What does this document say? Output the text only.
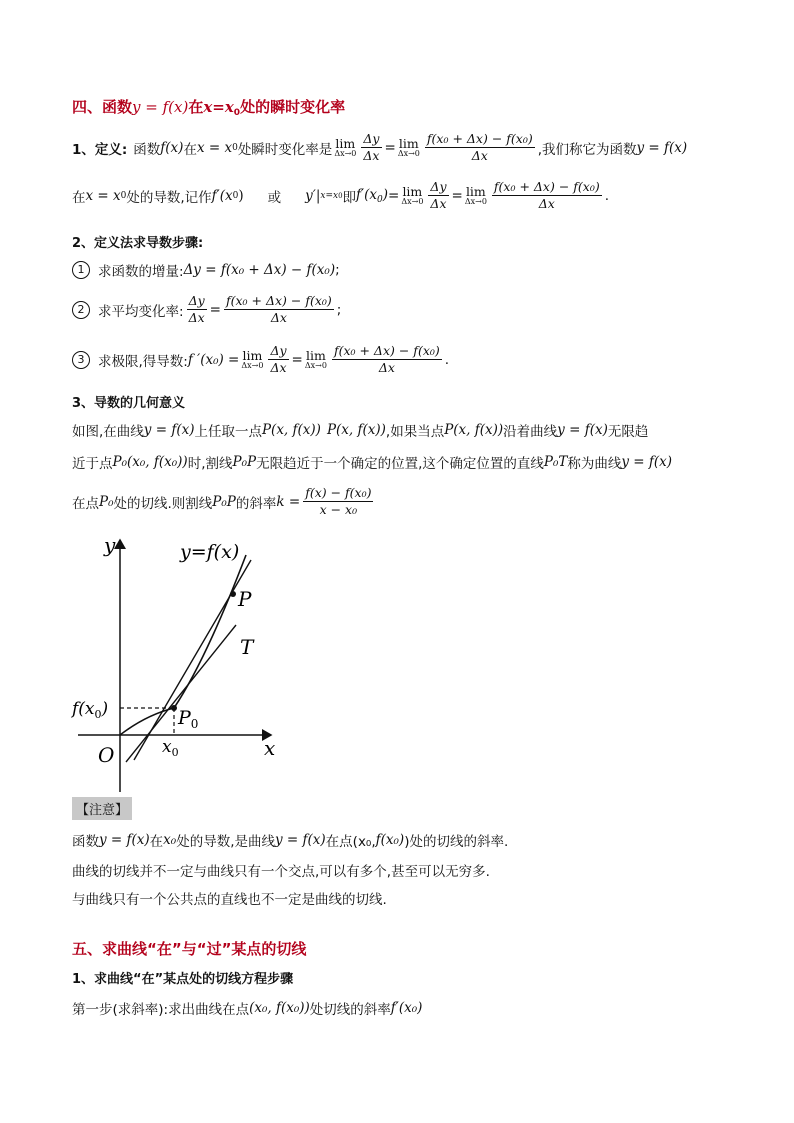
四、函数y = f(x)在$x=x_0$处的瞬时变化率
1、定义: 函数 f(x) 在 x = x 0 处瞬时变化率是 lim
$\Delta x\to 0 \frac{\Delta y}{\Delta x} = \lim$
$\Delta x\to 0 \frac{\text{f(x₀ + Δx) − f(x₀)}}{\Delta x}$ ,我们称它为函数 y = f(x)
在 x = x 0 处的导数,记作 f′(x 0 ) 或 y′| x=x 0 即 $f'(x_0) = \lim$
$\Delta x\to 0 \frac{\Delta y}{\Delta x} = \lim$
$\Delta x\to 0 \frac{\text{f(x₀ + Δx) − f(x₀)}}{\Delta x}$ .
2、定义法求导数步骤:
1	求函数的增量: Δy = f(x₀ + Δx) − f(x₀) ;
2	求平均变化率: $\frac{\Delta y}{\Delta x} = \frac{\text{f(x₀ + Δx) − f(x₀)}}{\Delta x}$ ;
3	求极限,得导数: f ′(x₀) = lim
$\Delta x\to 0 \frac{\Delta y}{\Delta x} = \lim$
$\Delta x\to 0 \frac{\text{f(x₀ + Δx) − f(x₀)}}{\Delta x}$ .
3、导数的几何意义
如图,在曲线 y = f(x) 上任取一点 P(x, f(x)) P(x, f(x)) ,如果当点 P(x, f(x)) 沿着曲线 y = f(x) 无限趋
近于点 P₀(x₀, f(x₀)) 时,割线 P₀P 无限趋近于一个确定的位置,这个确定位置的直线 P₀T 称为曲线 y = f(x)
在点 P₀ 处的切线.则割线 P₀P 的斜率 $k = \frac{\text{f(x) − f(x₀)}}{\text{x − x₀}}$
y
x
O
y=f(x)
P
T
$P_0$
$x_0$
$f(x_0)$
【注意】
函数 y = f(x) 在 x₀ 处的导数,是曲线 y = f(x) 在点(x₀, f(x₀) )处的切线的斜率.
曲线的切线并不一定与曲线只有一个交点,可以有多个,甚至可以无穷多.
与曲线只有一个公共点的直线也不一定是曲线的切线.
五、求曲线“在”与“过”某点的切线
1、求曲线“在”某点处的切线方程步骤
第一步(求斜率):求出曲线在点 (x₀, f(x₀)) 处切线的斜率 f′(x₀)
